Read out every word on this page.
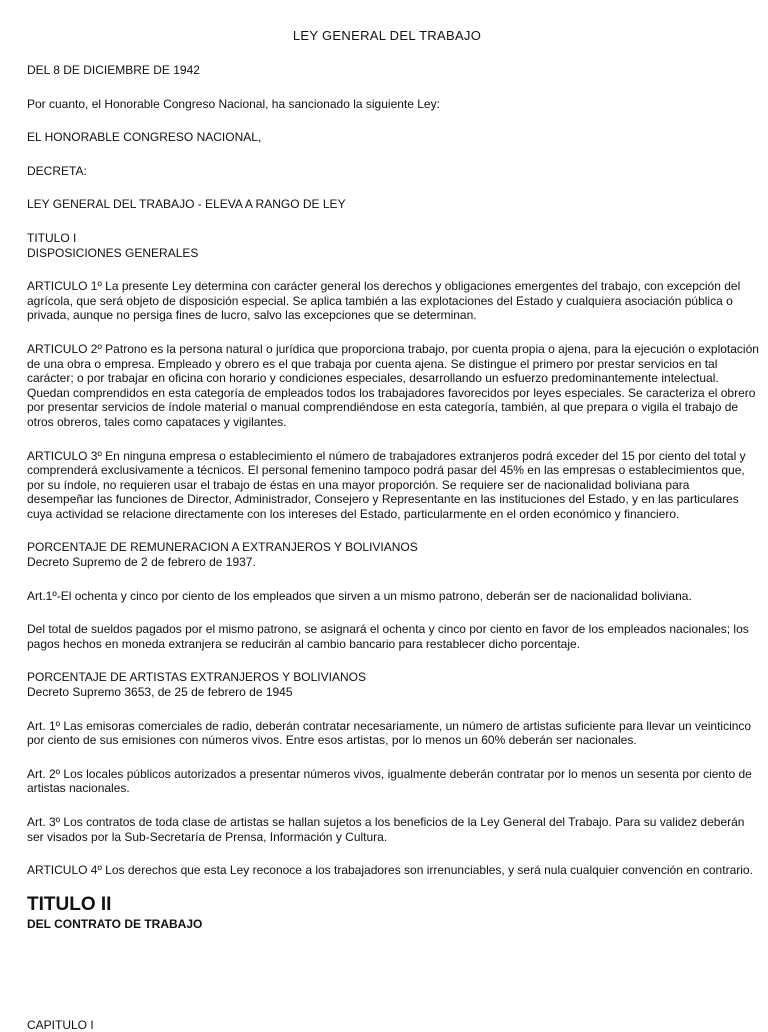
LEY GENERAL DEL TRABAJO

DEL 8 DE DICIEMBRE DE 1942

Por cuanto, el Honorable Congreso Nacional, ha sancionado la siguiente Ley:

EL HONORABLE CONGRESO NACIONAL,

DECRETA:

LEY GENERAL DEL TRABAJO - ELEVA A RANGO DE LEY

TITULO I

DISPOSICIONES GENERALES

ARTICULO 1º La presente Ley determina con carácter general los derechos y obligaciones emergentes del trabajo, con excepción del agrícola, que será objeto de disposición especial. Se aplica también a las explotaciones del Estado y cualquiera asociación pública o privada, aunque no persiga fines de lucro, salvo las excepciones que se determinan.

ARTICULO 2º Patrono es la persona natural o jurídica que proporciona trabajo, por cuenta propia o ajena, para la ejecución o explotación de una obra o empresa. Empleado y obrero es el que trabaja por cuenta ajena. Se distingue el primero por prestar servicios en tal carácter; o por trabajar en oficina con horario y condiciones especiales, desarrollando un esfuerzo predominantemente intelectual. Quedan comprendidos en esta categoría de empleados todos los trabajadores favorecidos por leyes especiales. Se caracteriza el obrero por presentar servicios de índole material o manual comprendiéndose en esta categoría, también, al que prepara o vigila el trabajo de otros obreros, tales como capataces y vigilantes.

ARTICULO 3º En ninguna empresa o establecimiento el número de trabajadores extranjeros podrá exceder del 15 por ciento del total y comprenderá exclusivamente a técnicos. El personal femenino tampoco podrá pasar del 45% en las empresas o establecimientos que, por su índole, no requieren usar el trabajo de éstas en una mayor proporción. Se requiere ser de nacionalidad boliviana para desempeñar las funciones de Director, Administrador, Consejero y Representante en las instituciones del Estado, y en las particulares cuya actividad se relacione directamente con los intereses del Estado, particularmente en el orden económico y financiero.

PORCENTAJE DE REMUNERACION A EXTRANJEROS Y BOLIVIANOS

Decreto Supremo de 2 de febrero de 1937.

Art.1º-El ochenta y cinco por ciento de los empleados que sirven a un mismo patrono, deberán ser de nacionalidad boliviana.

Del total de sueldos pagados por el mismo patrono, se asignará el ochenta y cinco por ciento en favor de los empleados nacionales; los pagos hechos en moneda extranjera se reducirán al cambio bancario para restablecer dicho porcentaje.

PORCENTAJE DE ARTISTAS EXTRANJEROS Y BOLIVIANOS

Decreto Supremo 3653, de 25 de febrero de 1945

Art. 1º Las emisoras comerciales de radio, deberán contratar necesariamente, un número de artistas suficiente para llevar un veinticinco por ciento de sus emisiones con números vivos. Entre esos artistas, por lo menos un 60% deberán ser nacionales.

Art. 2º Los locales públicos autorizados a presentar números vivos, igualmente deberán contratar por lo menos un sesenta por ciento de artistas nacionales.

Art. 3º Los contratos de toda clase de artistas se hallan sujetos a los beneficios de la Ley General del Trabajo. Para su validez deberán ser visados por la Sub-Secretaría de Prensa, Información y Cultura.

ARTICULO 4º Los derechos que esta Ley reconoce a los trabajadores son irrenunciables, y será nula cualquier convención en contrario.

TITULO II
DEL CONTRATO DE TRABAJO
CAPITULO I
